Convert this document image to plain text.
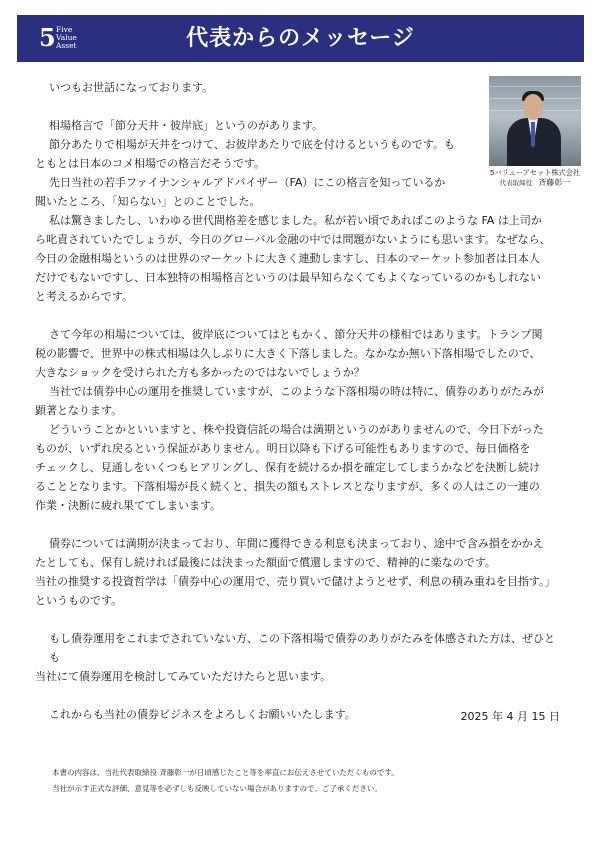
5 Five
Value
Asset	代表からのメッセージ
5バリューアセット株式会社
代表取締役 斉藤彰一

いつもお世話になっております。

相場格言で「節分天井・彼岸底」というのがあります。

節分あたりで相場が天井をつけて、お彼岸あたりで底を付けるというものです。も

ともとは日本のコメ相場での格言だそうです。

先日当社の若手ファイナンシャルアドバイザー（FA）にこの格言を知っているか

聞いたところ、「知らない」とのことでした。

私は驚きましたし、いわゆる世代間格差を感じました。私が若い頃であればこのような FA は上司か

ら叱責されていたでしょうが、今日のグローバル金融の中では問題がないようにも思います。なぜなら、

今日の金融相場というのは世界のマーケットに大きく連動しますし、日本のマーケット参加者は日本人

だけでもないですし、日本独特の相場格言というのは最早知らなくてもよくなっているのかもしれない

と考えるからです。

さて今年の相場については、彼岸底についてはともかく、節分天井の様相ではあります。トランプ関

税の影響で、世界中の株式相場は久しぶりに大きく下落しました。なかなか無い下落相場でしたので、

大きなショックを受けられた方も多かったのではないでしょうか？

当社では債券中心の運用を推奨していますが、このような下落相場の時は特に、債券のありがたみが

顕著となります。

どういうことかといいますと、株や投資信託の場合は満期というのがありませんので、今日下がった

ものが、いずれ戻るという保証がありません。明日以降も下げる可能性もありますので、毎日価格を

チェックし、見通しをいくつもヒアリングし、保有を続けるか損を確定してしまうかなどを決断し続け

ることとなります。下落相場が長く続くと、損失の額もストレスとなりますが、多くの人はこの一連の

作業・決断に疲れ果ててしまいます。

債券については満期が決まっており、年間に獲得できる利息も決まっており、途中で含み損をかかえ

たとしても、保有し続ければ最後には決まった額面で償還しますので、精神的に楽なのです。

当社の推奨する投資哲学は「債券中心の運用で、売り買いで儲けようとせず、利息の積み重ねを目指す。」

というものです。

もし債券運用をこれまでされていない方、この下落相場で債券のありがたみを体感された方は、ぜひとも

当社にて債券運用を検討してみていただけたらと思います。

これからも当社の債券ビジネスをよろしくお願いいたします。	2025 年 4 月 15 日

本書の内容は、当社代表取締役 斉藤彰一が日頃感じたこと等を率直にお伝えさせていただくものです。

当社が示す正式な評価、意見等を必ずしも反映していない場合がありますので、ご了承ください。
